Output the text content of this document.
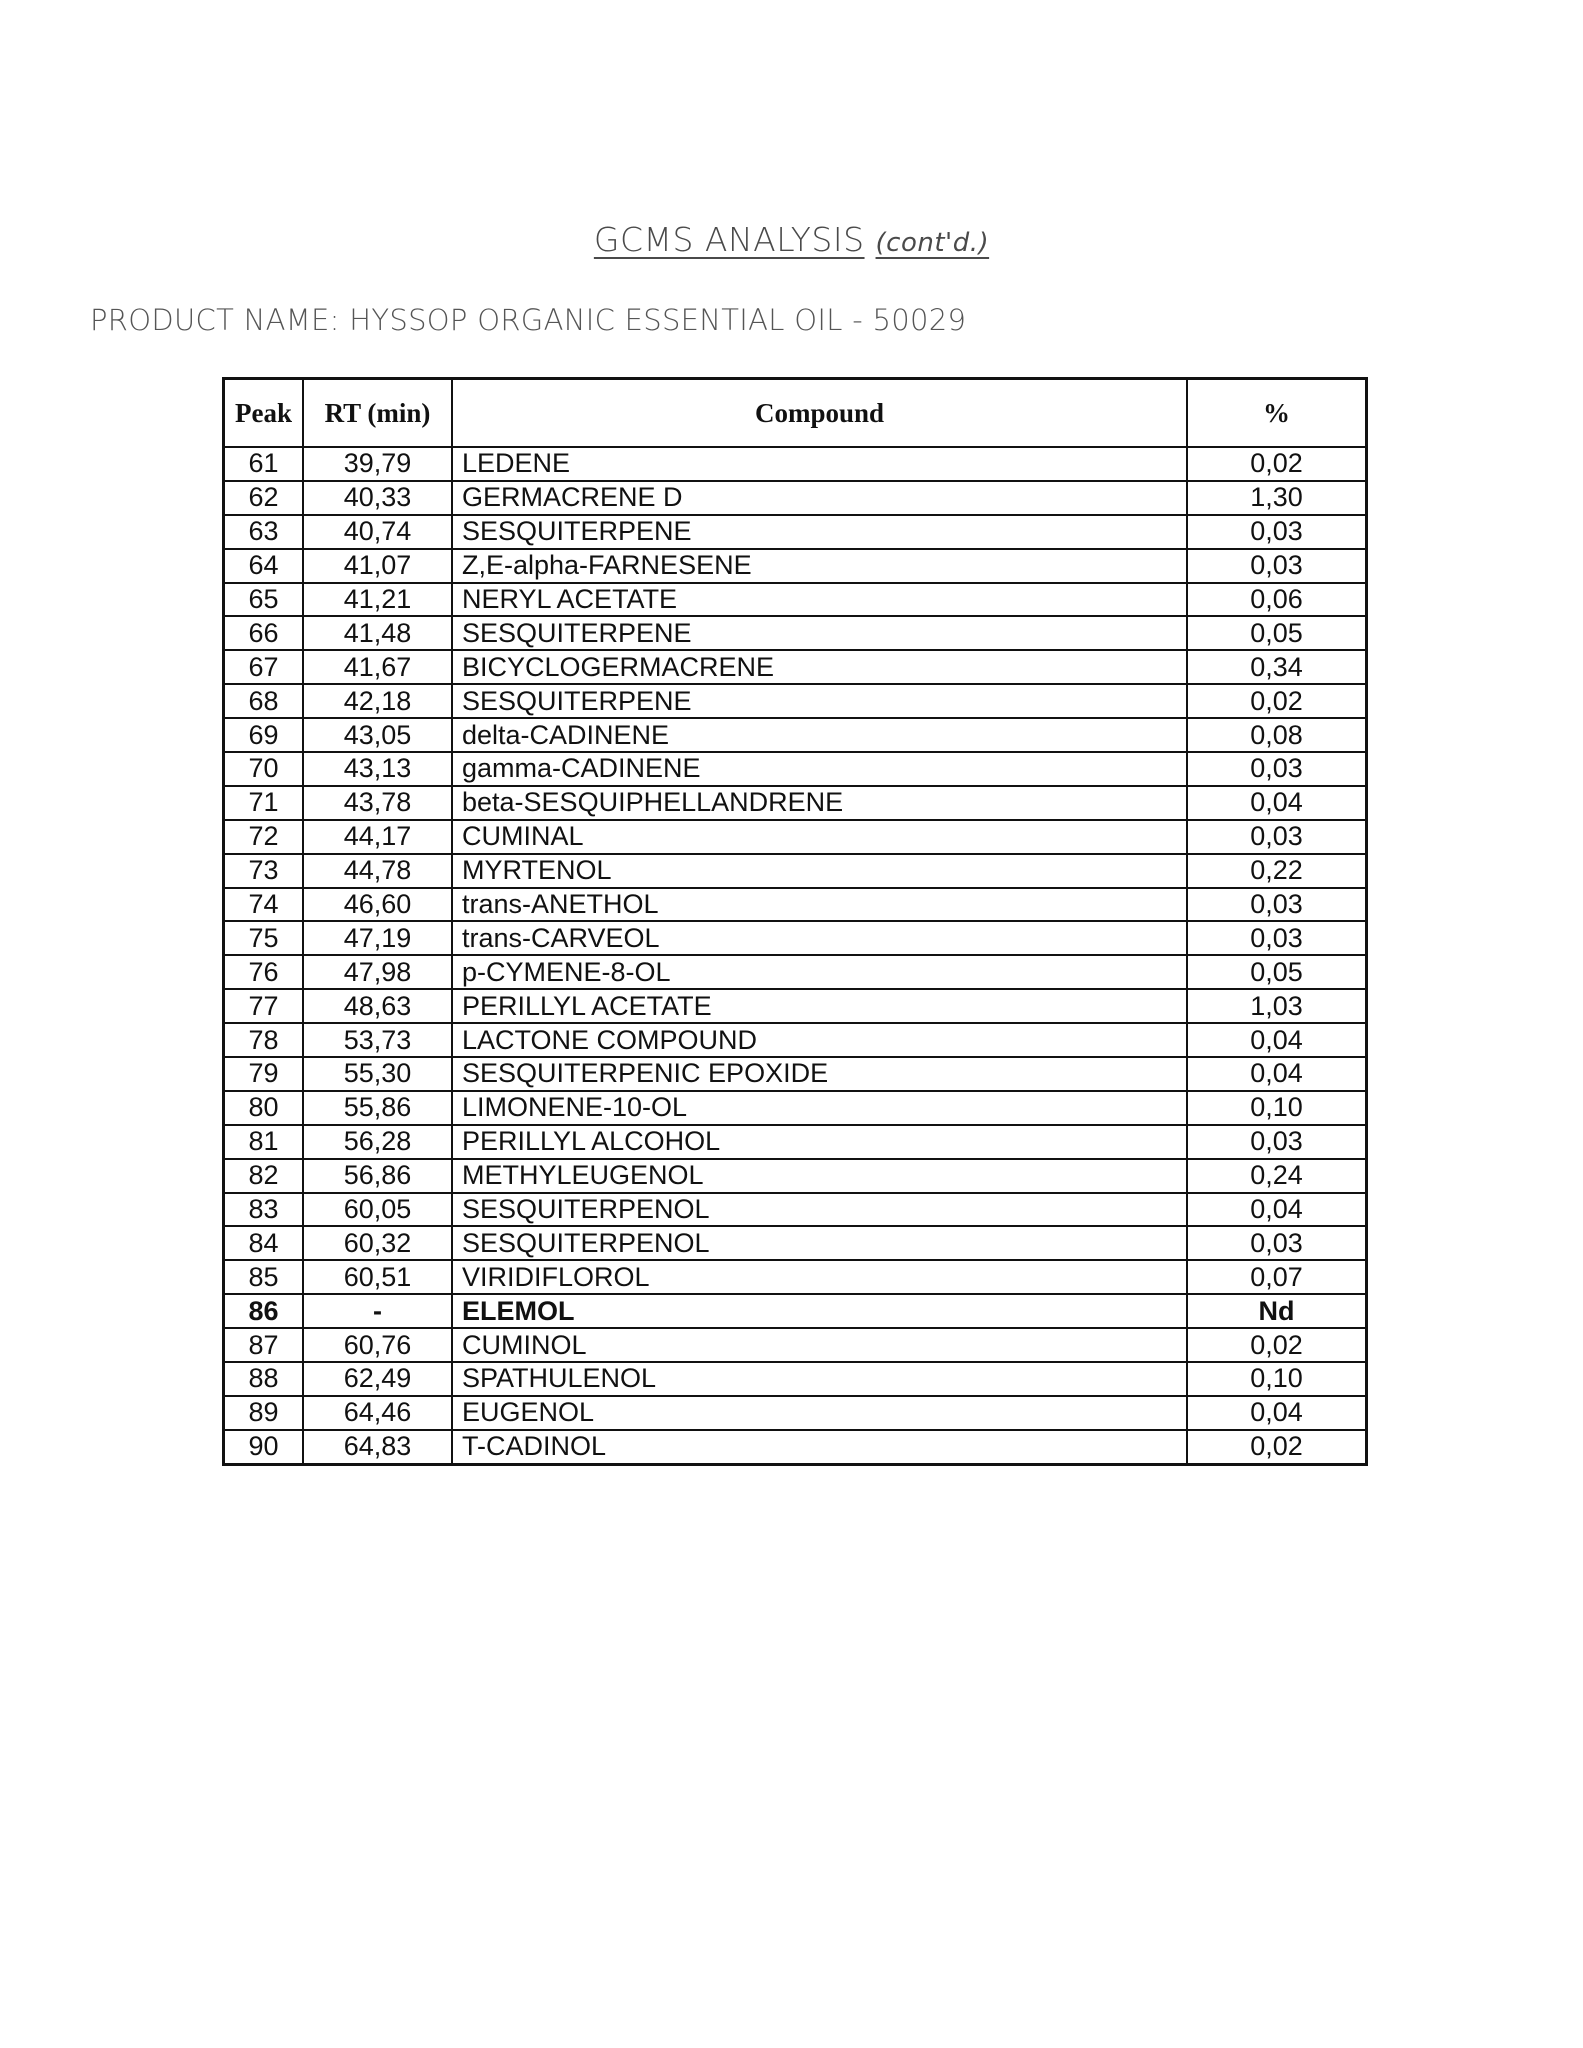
GCMS ANALYSIS (cont'd.)
PRODUCT NAME: HYSSOP ORGANIC ESSENTIAL OIL - 50029
Peak	RT (min)	Compound	%
61	39,79	LEDENE	0,02
62	40,33	GERMACRENE D	1,30
63	40,74	SESQUITERPENE	0,03
64	41,07	Z,E-alpha-FARNESENE	0,03
65	41,21	NERYL ACETATE	0,06
66	41,48	SESQUITERPENE	0,05
67	41,67	BICYCLOGERMACRENE	0,34
68	42,18	SESQUITERPENE	0,02
69	43,05	delta-CADINENE	0,08
70	43,13	gamma-CADINENE	0,03
71	43,78	beta-SESQUIPHELLANDRENE	0,04
72	44,17	CUMINAL	0,03
73	44,78	MYRTENOL	0,22
74	46,60	trans-ANETHOL	0,03
75	47,19	trans-CARVEOL	0,03
76	47,98	p-CYMENE-8-OL	0,05
77	48,63	PERILLYL ACETATE	1,03
78	53,73	LACTONE COMPOUND	0,04
79	55,30	SESQUITERPENIC EPOXIDE	0,04
80	55,86	LIMONENE-10-OL	0,10
81	56,28	PERILLYL ALCOHOL	0,03
82	56,86	METHYLEUGENOL	0,24
83	60,05	SESQUITERPENOL	0,04
84	60,32	SESQUITERPENOL	0,03
85	60,51	VIRIDIFLOROL	0,07
86	-	ELEMOL	Nd
87	60,76	CUMINOL	0,02
88	62,49	SPATHULENOL	0,10
89	64,46	EUGENOL	0,04
90	64,83	T-CADINOL	0,02
